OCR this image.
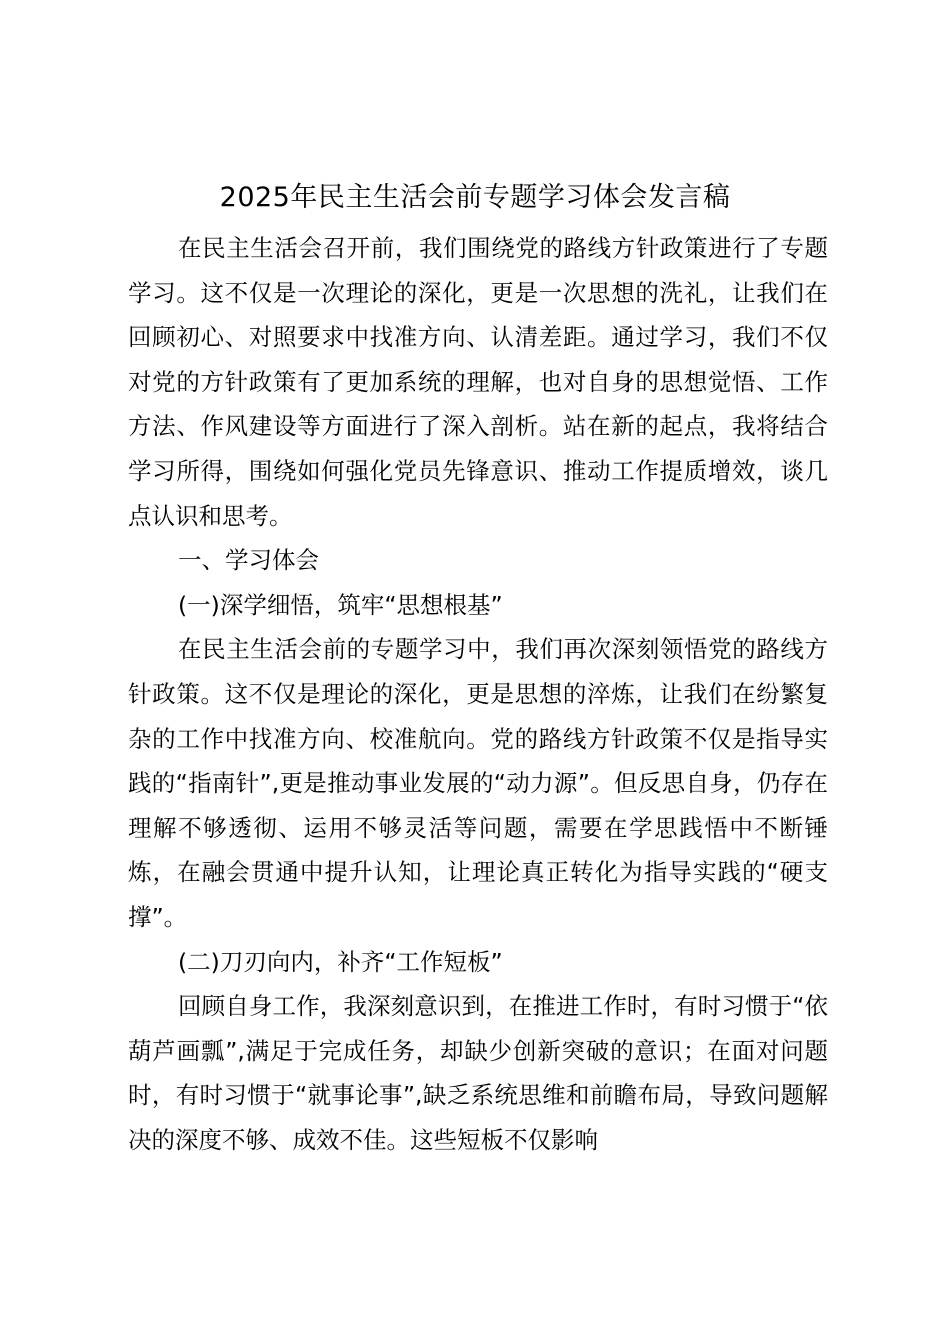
2025年民主生活会前专题学习体会发言稿

在民主生活会召开前，我们围绕党的路线方针政策进行了专题学习。这不仅是一次理论的深化，更是一次思想的洗礼，让我们在回顾初心、对照要求中找准方向、认清差距。通过学习，我们不仅对党的方针政策有了更加系统的理解，也对自身的思想觉悟、工作方法、作风建设等方面进行了深入剖析。站在新的起点，我将结合学习所得，围绕如何强化党员先锋意识、推动工作提质增效，谈几点认识和思考。

一、学习体会

(一)深学细悟，筑牢“思想根基”

在民主生活会前的专题学习中，我们再次深刻领悟党的路线方针政策。这不仅是理论的深化，更是思想的淬炼，让我们在纷繁复杂的工作中找准方向、校准航向。党的路线方针政策不仅是指导实践的“指南针”,更是推动事业发展的“动力源”。但反思自身，仍存在理解不够透彻、运用不够灵活等问题，需要在学思践悟中不断锤炼，在融会贯通中提升认知，让理论真正转化为指导实践的“硬支撑”。

(二)刀刃向内，补齐“工作短板”

回顾自身工作，我深刻意识到，在推进工作时，有时习惯于“依葫芦画瓢”,满足于完成任务，却缺少创新突破的意识；在面对问题时，有时习惯于“就事论事”,缺乏系统思维和前瞻布局，导致问题解决的深度不够、成效不佳。这些短板不仅影响
